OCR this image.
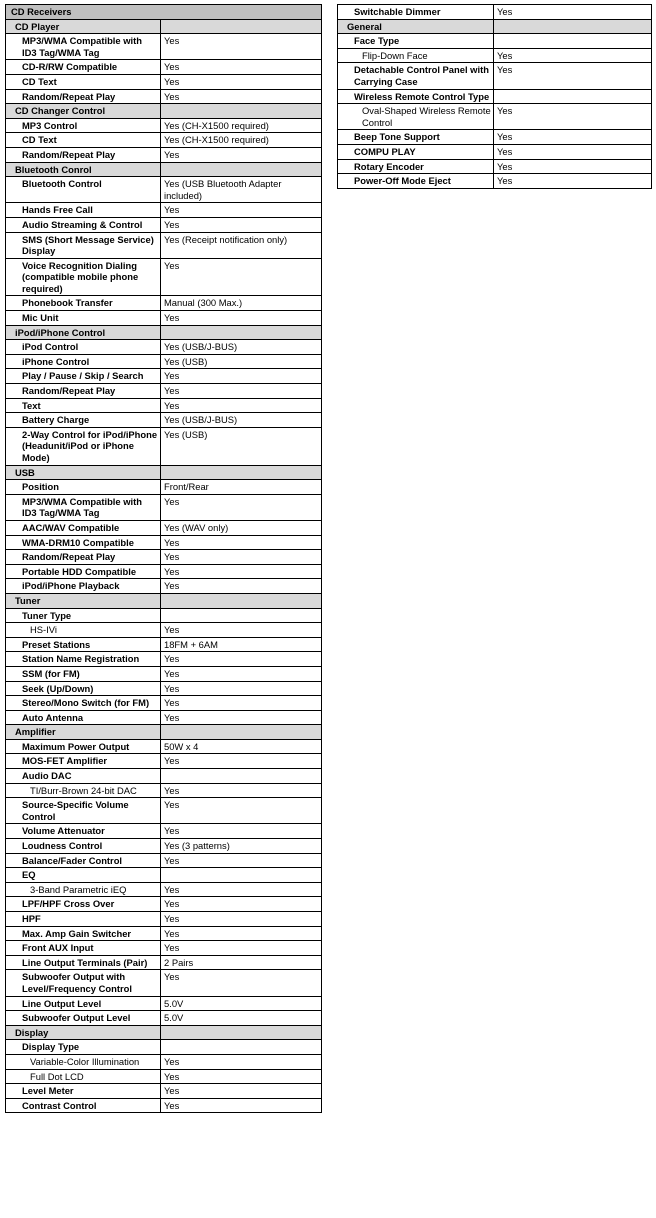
CD Receivers	
CD Player	
MP3/WMA Compatible with ID3 Tag/WMA Tag	Yes
CD-R/RW Compatible	Yes
CD Text	Yes
Random/Repeat Play	Yes
CD Changer Control	
MP3 Control	Yes (CH-X1500 required)
CD Text	Yes (CH-X1500 required)
Random/Repeat Play	Yes
Bluetooth Conrol	
Bluetooth Control	Yes (USB Bluetooth Adapter included)
Hands Free Call	Yes
Audio Streaming & Control	Yes
SMS (Short Message Service) Display	Yes (Receipt notification only)
Voice Recognition Dialing (compatible mobile phone required)	Yes
Phonebook Transfer	Manual (300 Max.)
Mic Unit	Yes
iPod/iPhone Control	
iPod Control	Yes (USB/J-BUS)
iPhone Control	Yes (USB)
Play / Pause / Skip / Search	Yes
Random/Repeat Play	Yes
Text	Yes
Battery Charge	Yes (USB/J-BUS)
2-Way Control for iPod/iPhone (Headunit/iPod or iPhone Mode)	Yes (USB)
USB	
Position	Front/Rear
MP3/WMA Compatible with ID3 Tag/WMA Tag	Yes
AAC/WAV Compatible	Yes (WAV only)
WMA-DRM10 Compatible	Yes
Random/Repeat Play	Yes
Portable HDD Compatible	Yes
iPod/iPhone Playback	Yes
Tuner	
Tuner Type	
HS-IVi	Yes
Preset Stations	18FM + 6AM
Station Name Registration	Yes
SSM (for FM)	Yes
Seek (Up/Down)	Yes
Stereo/Mono Switch (for FM)	Yes
Auto Antenna	Yes
Amplifier	
Maximum Power Output	50W x 4
MOS-FET Amplifier	Yes
Audio DAC	
TI/Burr-Brown 24-bit DAC	Yes
Source-Specific Volume Control	Yes
Volume Attenuator	Yes
Loudness Control	Yes (3 patterns)
Balance/Fader Control	Yes
EQ	
3-Band Parametric iEQ	Yes
LPF/HPF Cross Over	Yes
HPF	Yes
Max. Amp Gain Switcher	Yes
Front AUX Input	Yes
Line Output Terminals (Pair)	2 Pairs
Subwoofer Output with Level/Frequency Control	Yes
Line Output Level	5.0V
Subwoofer Output Level	5.0V
Display	
Display Type	
Variable-Color Illumination	Yes
Full Dot LCD	Yes
Level Meter	Yes
Contrast Control	Yes
Switchable Dimmer	Yes
General	
Face Type	
Flip-Down Face	Yes
Detachable Control Panel with Carrying Case	Yes
Wireless Remote Control Type	
Oval-Shaped Wireless Remote Control	Yes
Beep Tone Support	Yes
COMPU PLAY	Yes
Rotary Encoder	Yes
Power-Off Mode Eject	Yes
